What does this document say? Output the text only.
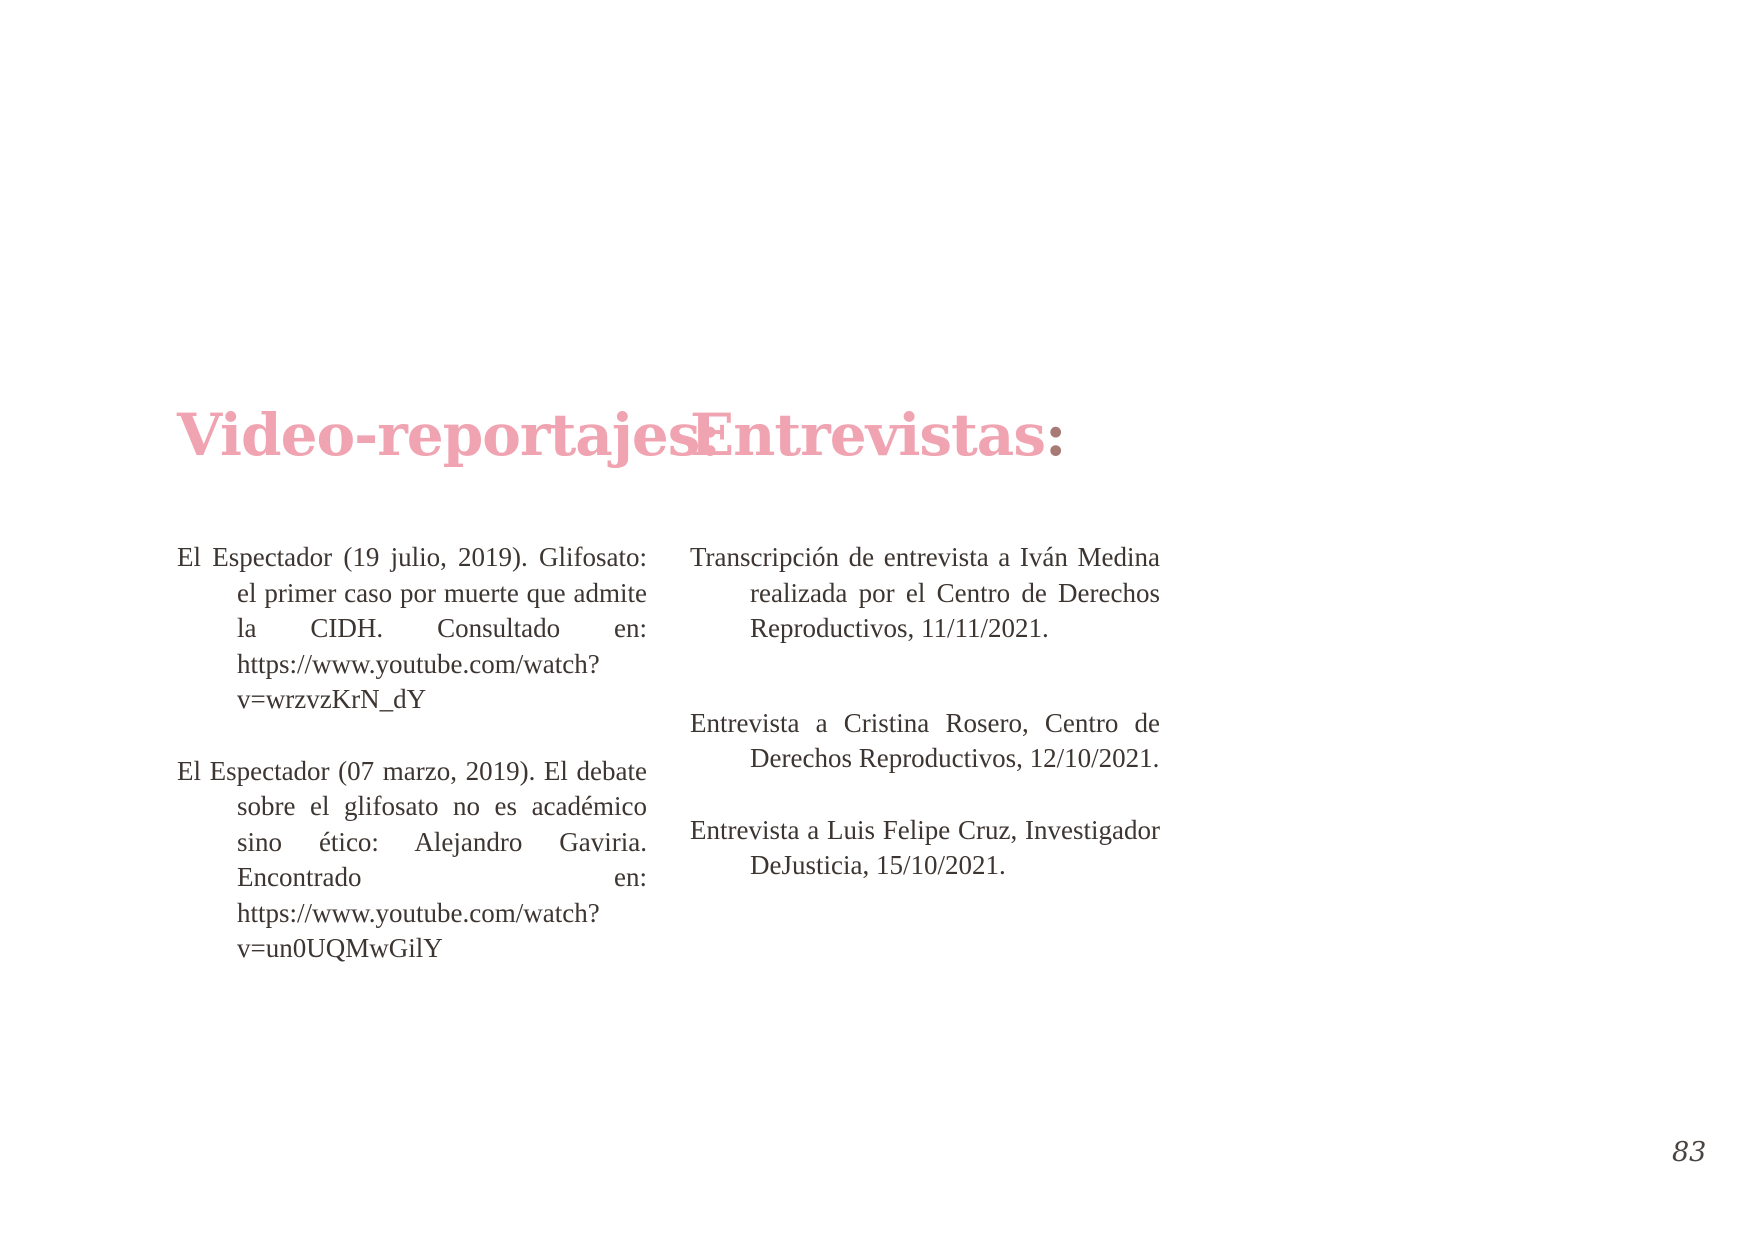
Video-reportajes:
El Espectador (19 julio, 2019). Glifosato: el primer caso por muerte que admite la CIDH. Consultado en: https://www.youtube.com/watch?v=wrzvzKrN_dY
El Espectador (07 marzo, 2019). El debate sobre el glifosato no es académico sino ético: Alejandro Gaviria. Encontrado en: https://www.youtube.com/watch?v=un0UQMwGilY
Entrevistas:
Transcripción de entrevista a Iván Medina realizada por el Centro de Derechos Reproductivos, 11/11/2021.
Entrevista a Cristina Rosero, Centro de Derechos Reproductivos, 12/10/2021.
Entrevista a Luis Felipe Cruz, Investigador DeJusticia, 15/10/2021.
83
